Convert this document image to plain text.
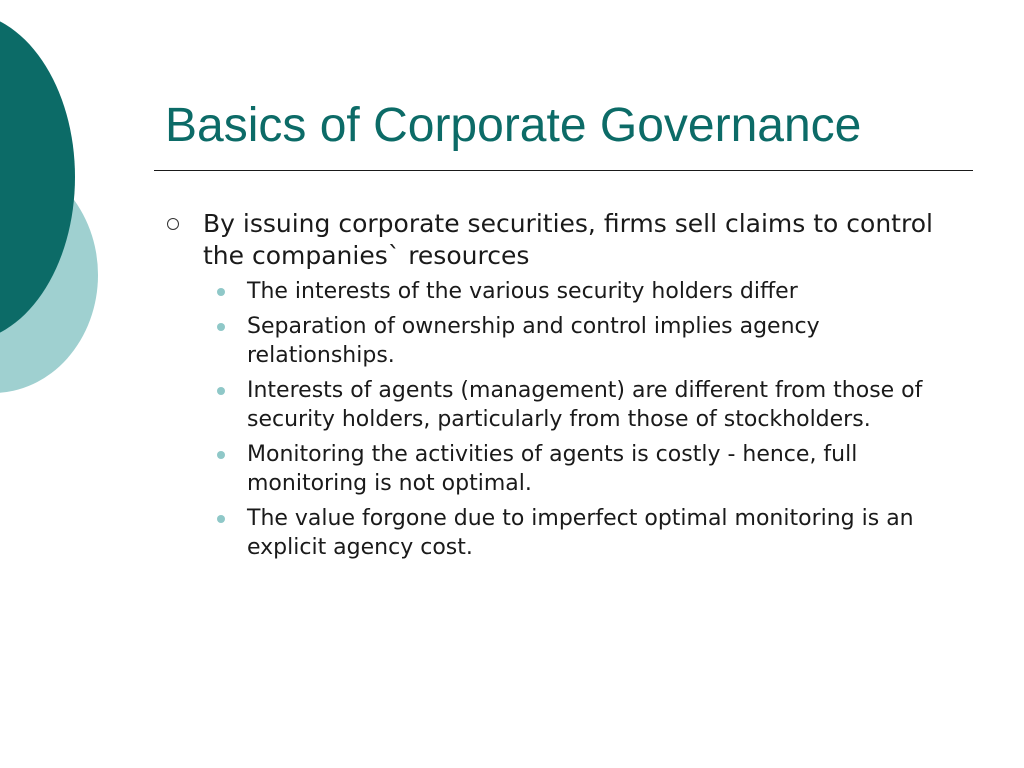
Basics of Corporate Governance
By issuing corporate securities, firms sell claims to control the companies` resources
The interests of the various security holders differ
Separation of ownership and control implies agency relationships.
Interests of agents (management) are different from those of security holders, particularly from those of stockholders.
Monitoring the activities of agents is costly - hence, full monitoring is not optimal.
The value forgone due to imperfect optimal monitoring is an explicit agency cost.
